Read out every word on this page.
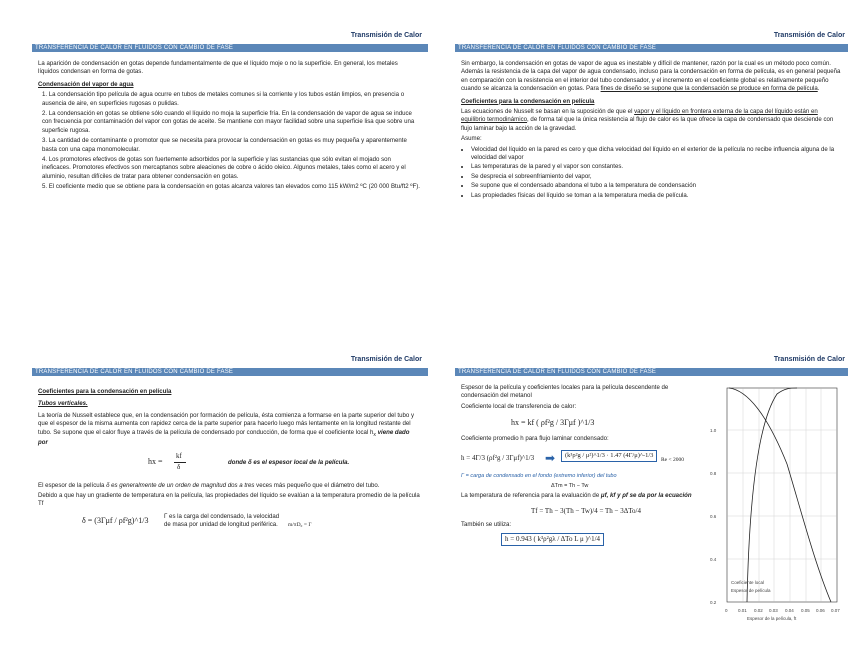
Transmisión de Calor
TRANSFERENCIA DE CALOR EN FLUIDOS CON CAMBIO DE FASE

La aparición de condensación en gotas depende fundamentalmente de que el líquido moje o no la superficie. En general, los metales líquidos condensan en forma de gotas.

Condensación del vapor de agua

1. La condensación tipo película de agua ocurre en tubos de metales comunes si la corriente y los tubos están limpios, en presencia o ausencia de aire, en superficies rugosas o pulidas.

2. La condensación en gotas se obtiene sólo cuando el líquido no moja la superficie fría. En la condensación de vapor de agua se induce con frecuencia por contaminación del vapor con gotas de aceite. Se mantiene con mayor facilidad sobre una superficie lisa que sobre una superficie rugosa.

3. La cantidad de contaminante o promotor que se necesita para provocar la condensación en gotas es muy pequeña y aparentemente basta con una capa monomolecular.

4. Los promotores efectivos de gotas son fuertemente adsorbidos por la superficie y las sustancias que sólo evitan el mojado son ineficaces. Promotores efectivos son mercaptanos sobre aleaciones de cobre o ácido oleico. Algunos metales, tales como el acero y el aluminio, resultan difíciles de tratar para obtener condensación en gotas.

5. El coeficiente medio que se obtiene para la condensación en gotas alcanza valores tan elevados como 115 kW/m2 ºC (20 000 Btu/ft2 ºF).

Transmisión de Calor
TRANSFERENCIA DE CALOR EN FLUIDOS CON CAMBIO DE FASE

Sin embargo, la condensación en gotas de vapor de agua es inestable y difícil de mantener, razón por la cual es un método poco común. Además la resistencia de la capa del vapor de agua condensado, incluso para la condensación en forma de película, es en general pequeña en comparación con la resistencia en el interior del tubo condensador, y el incremento en el coeficiente global es relativamente pequeño cuando se alcanza la condensación en gotas. Para fines de diseño se supone que la condensación se produce en forma de película.

Coeficientes para la condensación en película

Las ecuaciones de Nusselt se basan en la suposición de que el vapor y el líquido en frontera externa de la capa del líquido están en equilibrio termodinámico, de forma tal que la única resistencia al flujo de calor es la que ofrece la capa de condensado que desciende con flujo laminar bajo la acción de la gravedad.

Asume:

• Velocidad del líquido en la pared es cero y que dicha velocidad del líquido en el exterior de la película no recibe influencia alguna de la velocidad del vapor
• Las temperaturas de la pared y el vapor son constantes.
• Se desprecia el sobreenfriamiento del vapor,
• Se supone que el condensado abandona el tubo a la temperatura de condensación
• Las propiedades físicas del líquido se toman a la temperatura media de película.
Transmisión de Calor
TRANSFERENCIA DE CALOR EN FLUIDOS CON CAMBIO DE FASE
Coeficientes para la condensación en película
Tubos verticales.

La teoría de Nusselt establece que, en la condensación por formación de película, ésta comienza a formarse en la parte superior del tubo y que el espesor de la misma aumenta con rapidez cerca de la parte superior para hacerlo luego más lentamente en la longitud restante del tubo. Se supone que el calor fluye a través de la película de condensado por conducción, de forma que el coeficiente local $h_x$ viene dado por

hx =
kf
δ
donde δ es el espesor local de la película.

El espesor de la película δ es generalmente de un orden de magnitud dos a tres veces más pequeño que el diámetro del tubo.

Debido a que hay un gradiente de temperatura en la película, las propiedades del líquido se evalúan a la temperatura promedio de la película Tf

δ = (3Γμf / ρf²g)^1/3	Γ es la carga del condensado, la velocidad de masa por unidad de longitud periférica.	m/πD₀ = Γ
Transmisión de Calor
TRANSFERENCIA DE CALOR EN FLUIDOS CON CAMBIO DE FASE

Espesor de la película y coeficientes locales para la película descendente de condensación del metanol

Coeficiente local de transferencia de calor:

hx = kf ( ρf²g / 3Γμf )^1/3

Coeficiente promedio h para flujo laminar condensado:

h = 4Γ/3 (ρf²g / 3Γμf)^1/3 ➡	(k³ρ²g / μ²)^1/3 · 1.47 (4Γ/μ)^-1/3
Re < 2000

Γ = carga de condensado en el fondo (extremo inferior) del tubo

ΔTm = Th − Tw

La temperatura de referencia para la evaluación de μf, kf y ρf se da por la ecuación

Tf = Th − 3(Th − Tw)/4 = Th − 3ΔTo/4

También se utiliza:

h = 0.943 ( k³ρ²gλ / ΔTo L μ )^1/4
1.0
0.8
0.6
0.4
0.2
0 0.01 0.02 0.03 0.04 0.05 0.06 0.07
Espesor de la película, ft
Coeficiente local
Espesor de película
